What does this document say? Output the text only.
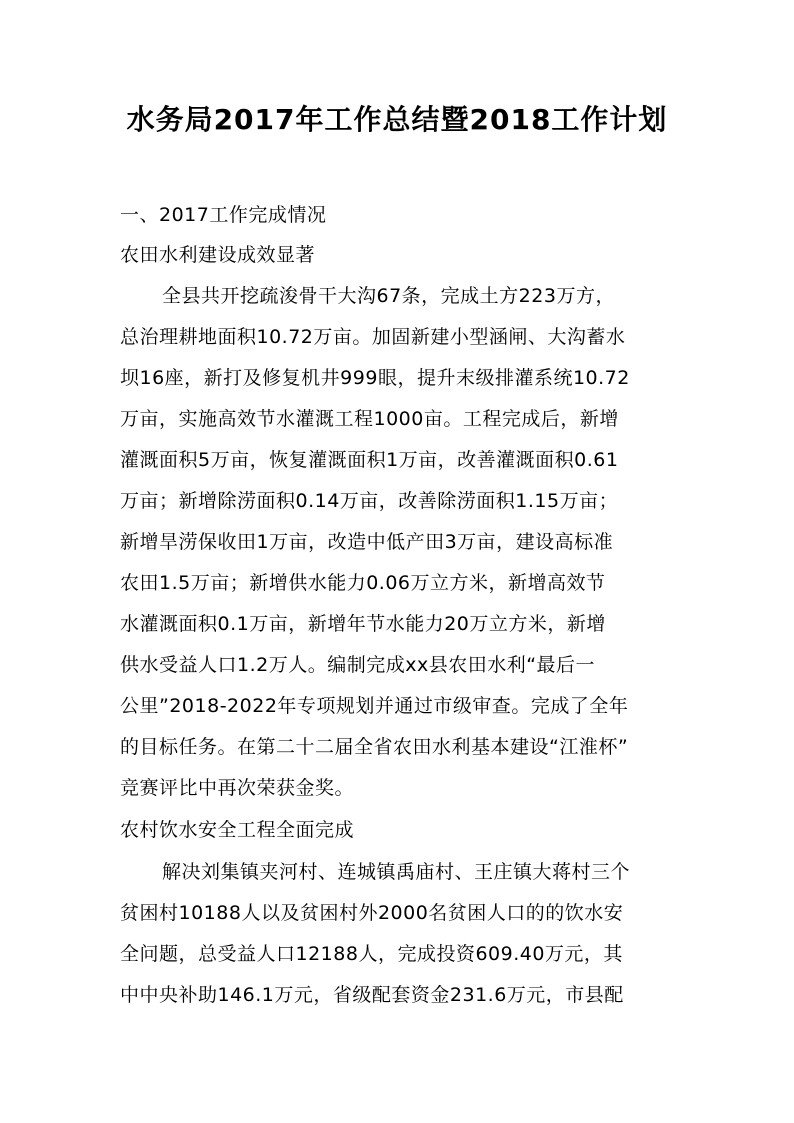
水务局2017年工作总结暨2018工作计划

一、2017工作完成情况

农田水利建设成效显著

全县共开挖疏浚骨干大沟67条，完成土方223万方，

总治理耕地面积10.72万亩。加固新建小型涵闸、大沟蓄水

坝16座，新打及修复机井999眼，提升末级排灌系统10.72

万亩，实施高效节水灌溉工程1000亩。工程完成后，新增

灌溉面积5万亩，恢复灌溉面积1万亩，改善灌溉面积0.61

万亩；新增除涝面积0.14万亩，改善除涝面积1.15万亩；

新增旱涝保收田1万亩，改造中低产田3万亩，建设高标准

农田1.5万亩；新增供水能力0.06万立方米，新增高效节

水灌溉面积0.1万亩，新增年节水能力20万立方米，新增

供水受益人口1.2万人。编制完成xx县农田水利“最后一

公里”2018-2022年专项规划并通过市级审查。完成了全年

的目标任务。在第二十二届全省农田水利基本建设“江淮杯”

竞赛评比中再次荣获金奖。

农村饮水安全工程全面完成

解决刘集镇夹河村、连城镇禹庙村、王庄镇大蒋村三个

贫困村10188人以及贫困村外2000名贫困人口的的饮水安

全问题，总受益人口12188人，完成投资609.40万元，其

中中央补助146.1万元，省级配套资金231.6万元，市县配
